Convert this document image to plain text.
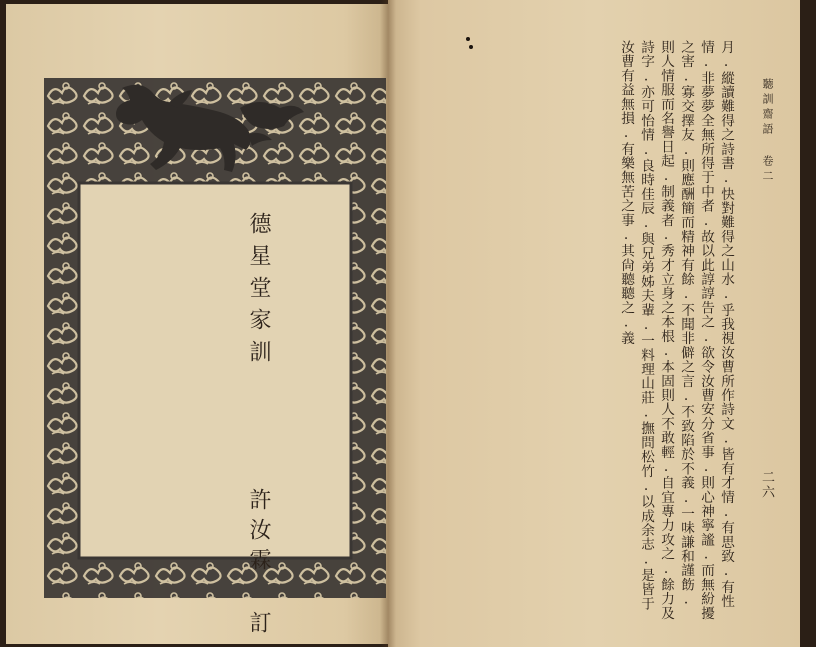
德星堂家訓
許汝霖 訂
聽訓齋語 卷二
二六

月.縱讀難得之詩書.快對難得之山水.乎我視汝曹所作詩文.皆有才情.有思致.有性情.非夢夢全無所得于中者.故以此諄諄告之.欲令汝曹安分省事.則心神寧謐.而無紛擾之害.寡交擇友.則應酬簡而精神有餘.不聞非僻之言.不致陷於不義.一味謙和謹飭.則人情服而名譽日起.制義者.秀才立身之本根.本固則人不敢輕.自宜專力攻之.餘力及詩字.亦可怡情.良時佳辰.與兄弟姊夫輩.一料理山莊.撫問松竹.以成余志.是皆于汝曹有益無損.有樂無苦之事.其尙聽聽之.義
